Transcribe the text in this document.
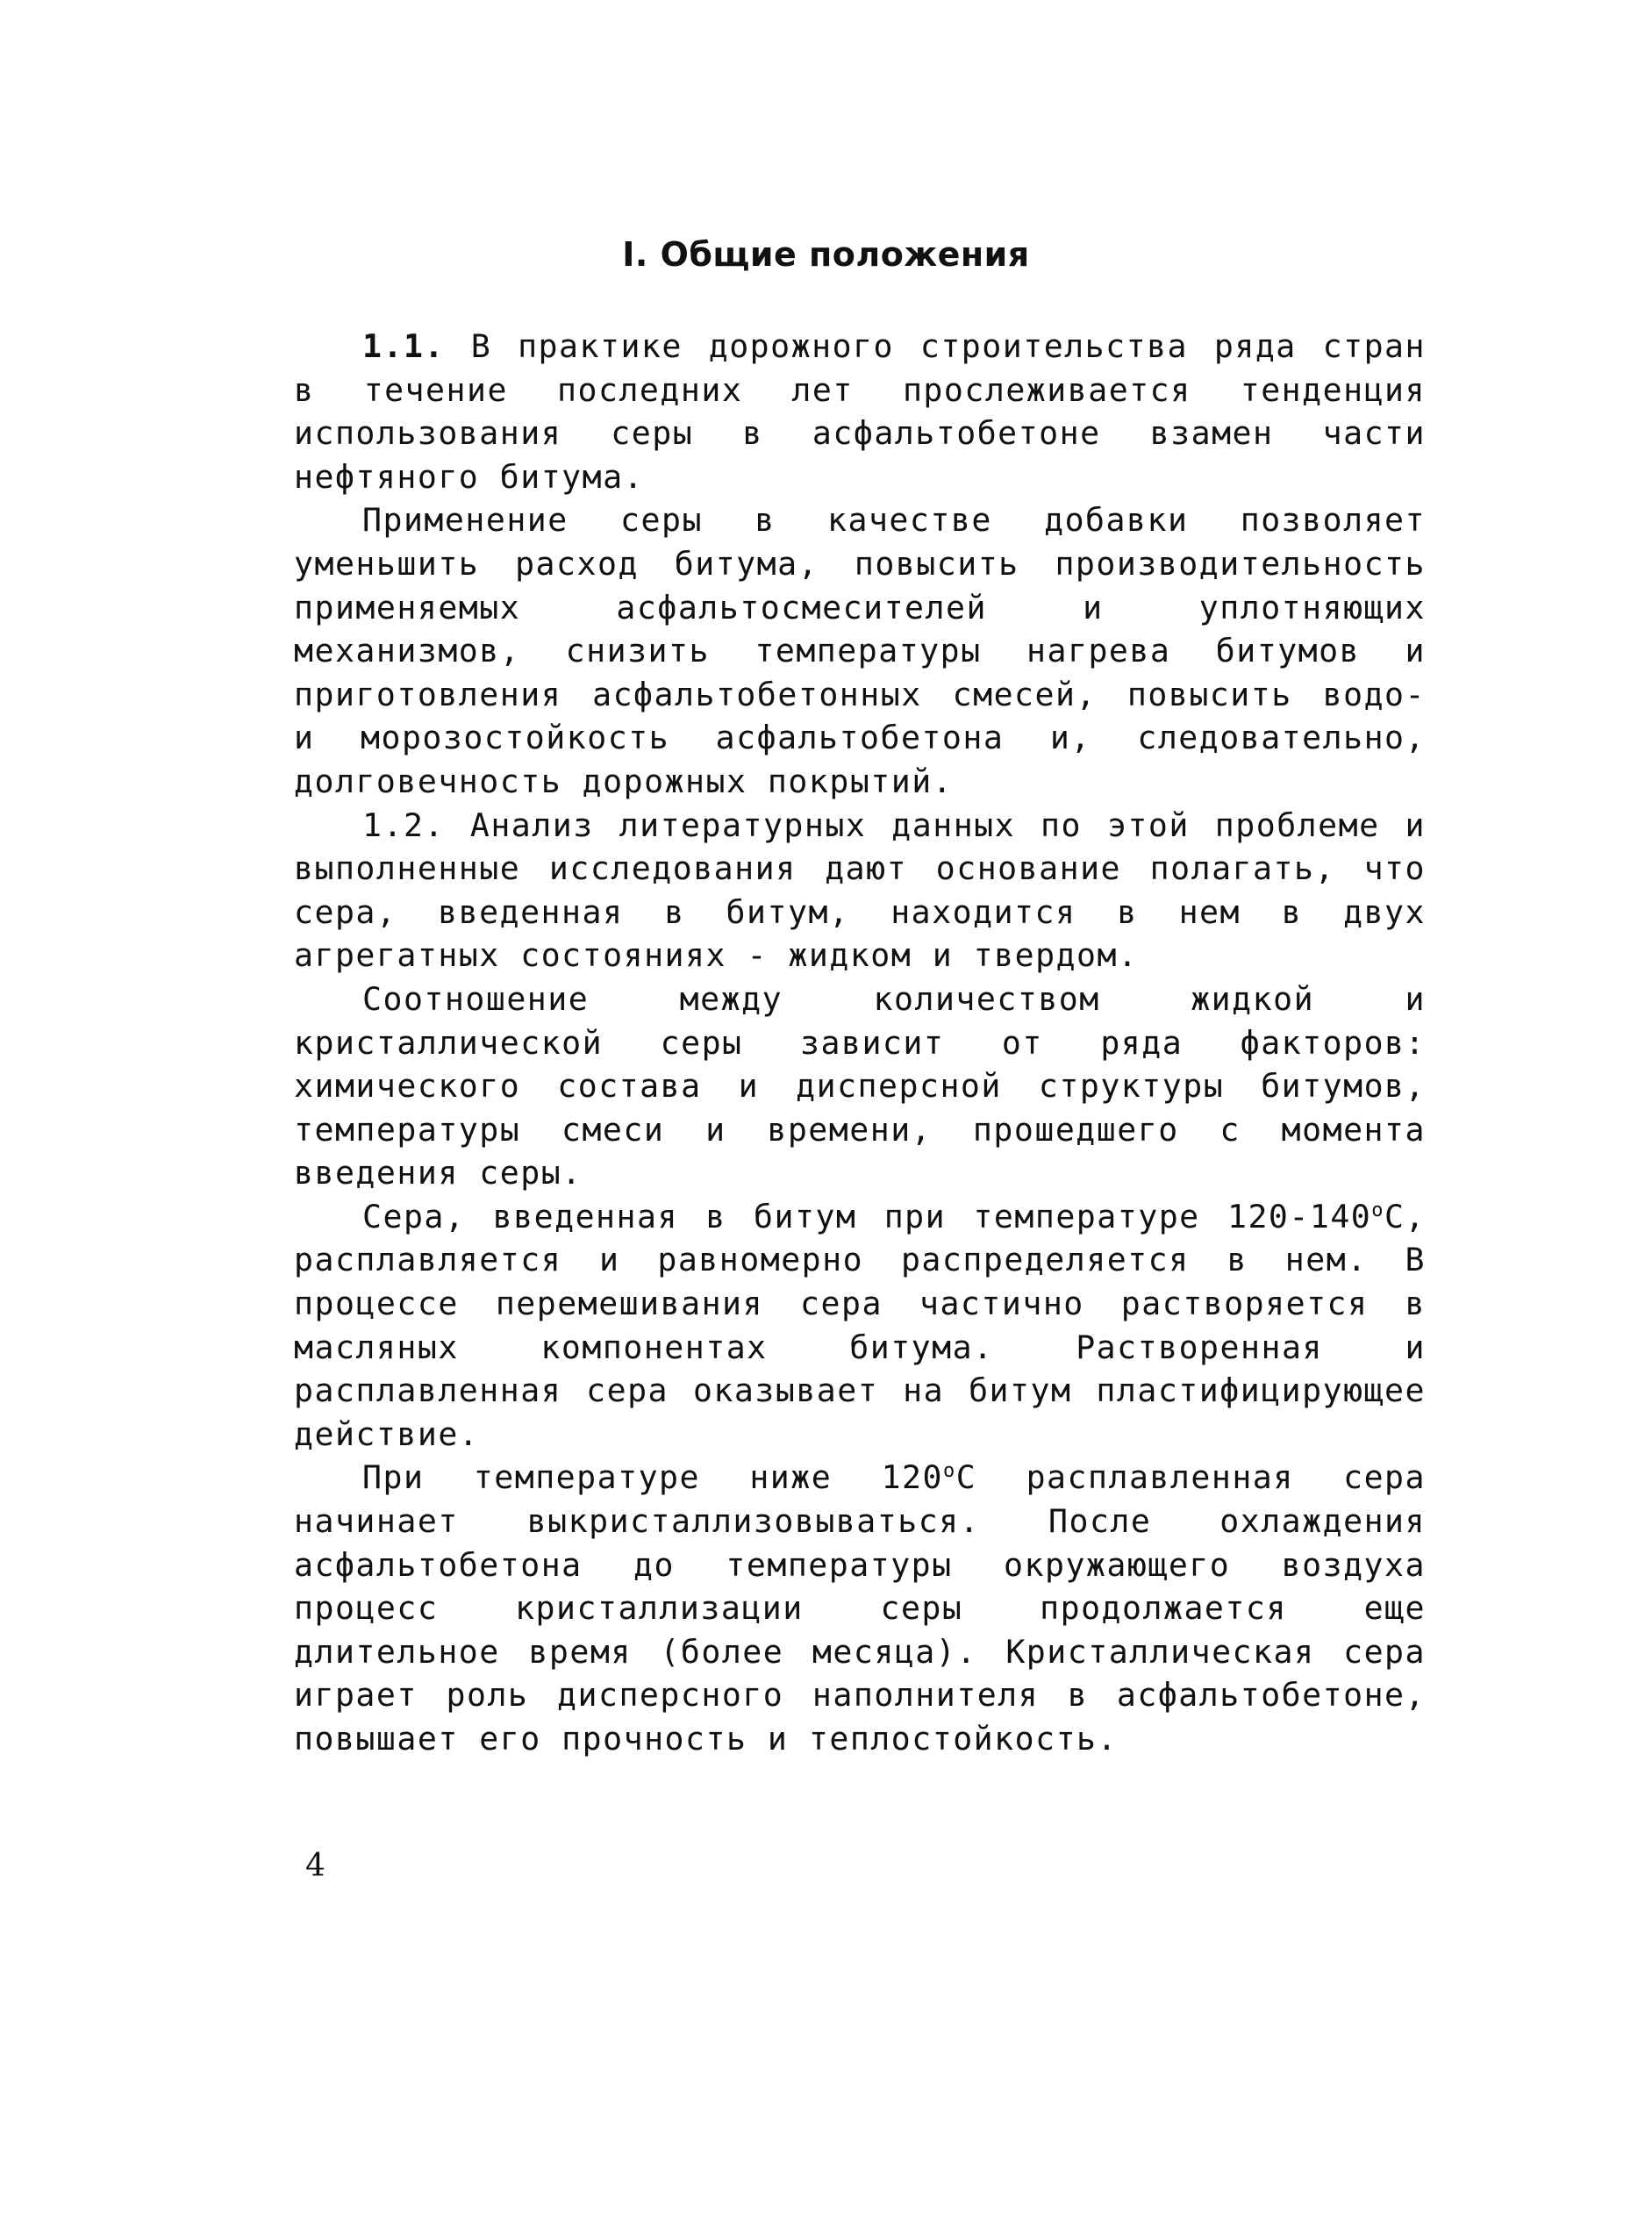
I. Общие положения

1.1. В практике дорожного строительства ряда стран в течение последних лет прослеживается тенденция использования серы в асфальтобетоне взамен части нефтяного битума.

Применение серы в качестве добавки позволяет уменьшить расход битума, повысить производительность применяемых асфальтосмесителей и уплотняющих механизмов, снизить температуры нагрева битумов и приготовления асфальтобетонных смесей, повысить водо- и морозостойкость асфальтобетона и, следовательно, долговечность дорожных покрытий.

1.2. Анализ литературных данных по этой проблеме и выполненные исследования дают основание полагать, что сера, введенная в битум, находится в нем в двух агрегатных состояниях - жидком и твердом.

Соотношение между количеством жидкой и кристаллической серы зависит от ряда факторов: химического состава и дисперсной структуры битумов, температуры смеси и времени, прошедшего с момента введения серы.

Сера, введенная в битум при температуре $120-140^оС$, расплавляется и равномерно распределяется в нем. В процессе перемешивания сера частично растворяется в масляных компонентах битума. Растворенная и расплавленная сера оказывает на битум пластифицирующее действие.

При температуре ниже $120^оС$ расплавленная сера начинает выкристаллизовываться. После охлаждения асфальтобетона до температуры окружающего воздуха процесс кристаллизации серы продолжается еще длительное время (более месяца). Кристаллическая сера играет роль дисперсного наполнителя в асфальтобетоне, повышает его прочность и теплостойкость.

4
